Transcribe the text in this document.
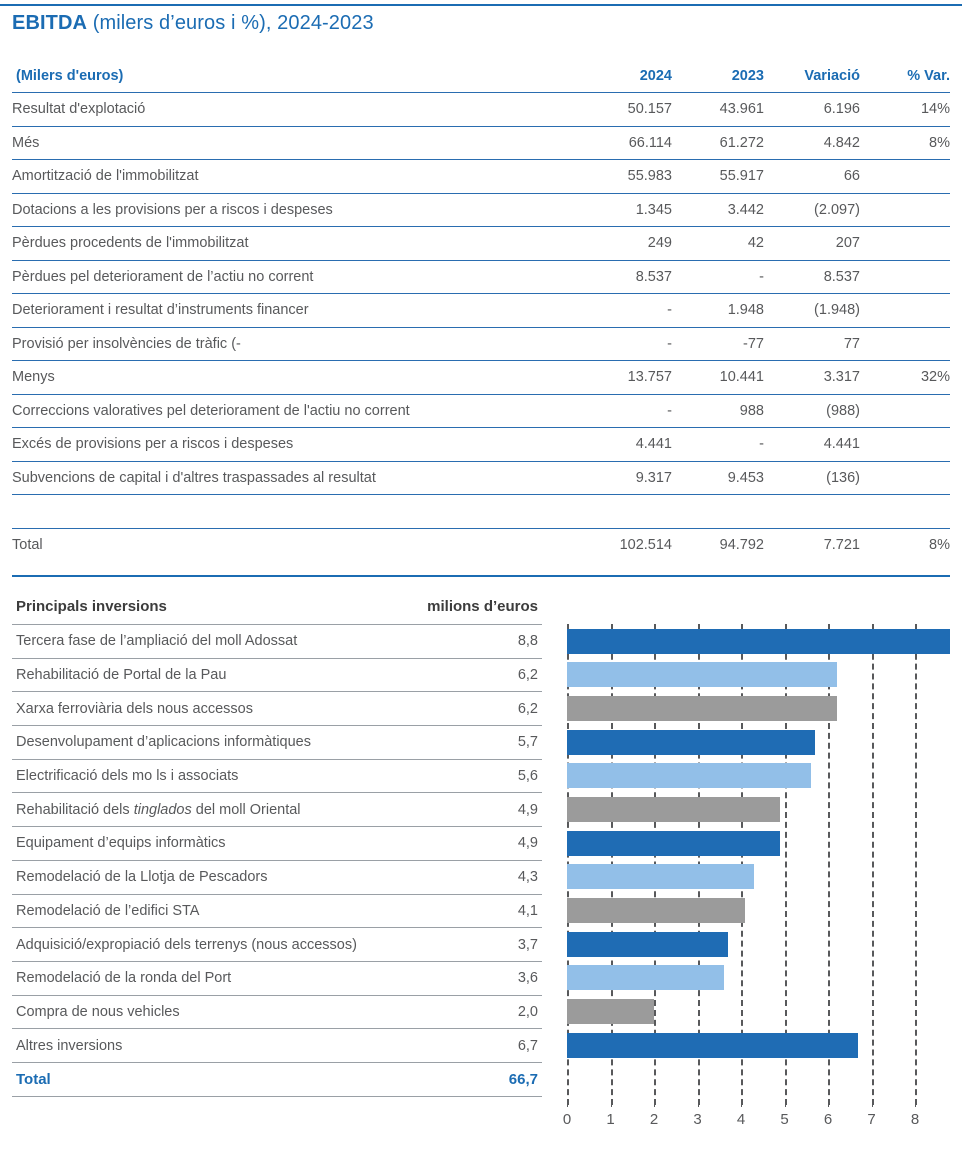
EBITDA (milers d’euros i %), 2024-2023
(Milers d'euros)	2024	2023	Variació	% Var.
Resultat d'explotació	50.157	43.961	6.196	14%
Més	66.114	61.272	4.842	8%
Amortització de l'immobilitzat	55.983	55.917	66	
Dotacions a les provisions per a riscos i despeses	1.345	3.442	(2.097)	
Pèrdues procedents de l'immobilitzat	249	42	207	
Pèrdues pel deteriorament de l’actiu no corrent	8.537	-	8.537	
Deteriorament i resultat d’instruments financer	-	1.948	(1.948)	
Provisió per insolvències de tràfic (-	-	-77	77	
Menys	13.757	10.441	3.317	32%
Correccions valoratives pel deteriorament de l'actiu no corrent	-	988	(988)	
Excés de provisions per a riscos i despeses	4.441	-	4.441	
Subvencions de capital i d'altres traspassades al resultat	9.317	9.453	(136)	

Total	102.514	94.792	7.721	8%
Principals inversions	milions d’euros
Tercera fase de l’ampliació del moll Adossat	8,8
Rehabilitació de Portal de la Pau	6,2
Xarxa ferroviària dels nous accessos	6,2
Desenvolupament d’aplicacions informàtiques	5,7
Electrificació dels mo ls i associats	5,6
Rehabilitació dels tinglados del moll Oriental	4,9
Equipament d’equips informàtics	4,9
Remodelació de la Llotja de Pescadors	4,3
Remodelació de l’edifici STA	4,1
Adquisició/expropiació dels terrenys (nous accessos)	3,7
Remodelació de la ronda del Port	3,6
Compra de nous vehicles	2,0
Altres inversions	6,7
Total	66,7
0 1 2 3 4 5 6 7 8
